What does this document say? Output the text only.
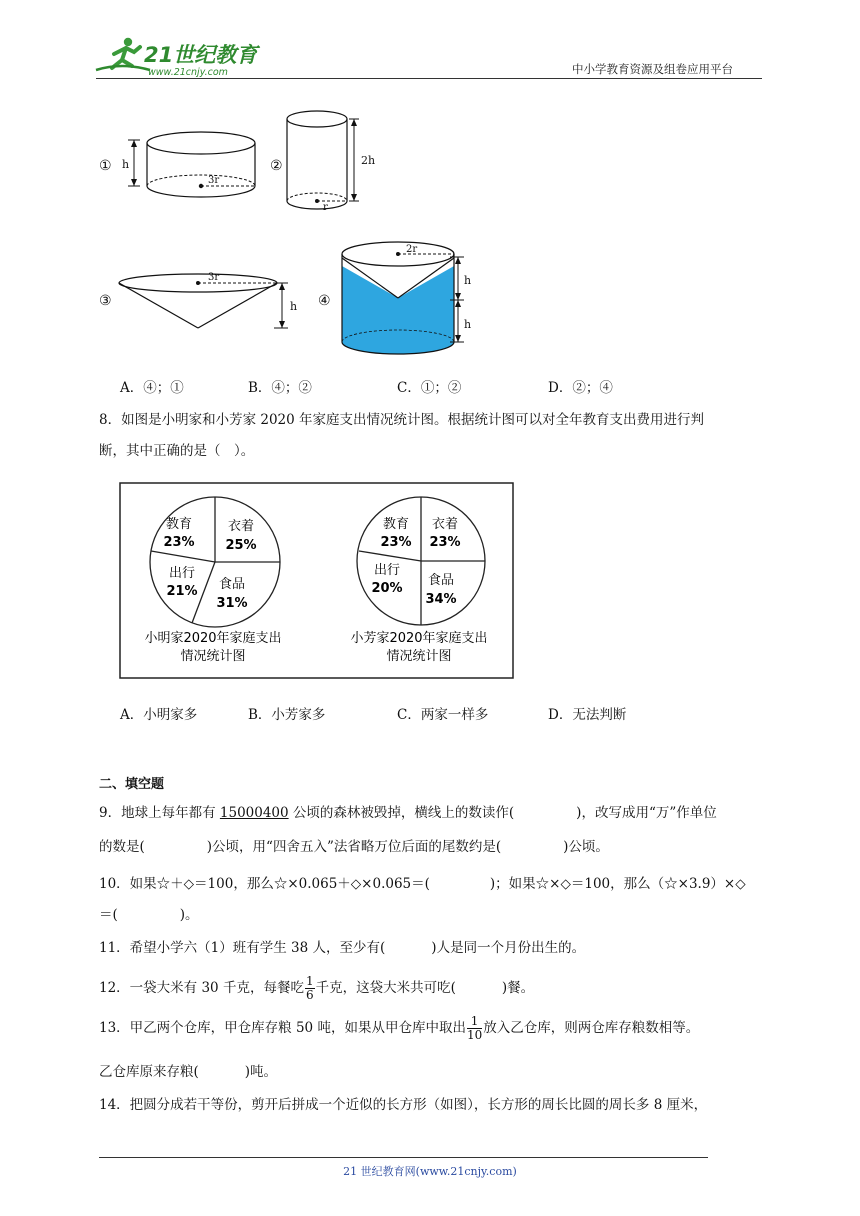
21世纪教育
www.21cnjy.com	中小学教育资源及组卷应用平台
① h
3r
②
r
2h
③
3r
h ④
2r
h
h
A．④；①	B．④；②	C．①；②	D．②；④
8．如图是小明家和小芳家 2020 年家庭支出情况统计图。根据统计图可以对全年教育支出费用进行判
断，其中正确的是（　）。
教育
23%
衣着
25%
食品
31%
出行
21%
小明家2020年家庭支出
情况统计图
教育
23%
衣着
23%
食品
34%
出行
20%
小芳家2020年家庭支出
情况统计图
A．小明家多	B．小芳家多	C．两家一样多	D．无法判断
二、填空题
9．地球上每年都有 15000400 公顷的森林被毁掉，横线上的数读作(	)，改写成用“万”作单位
的数是(	)公顷，用“四舍五入”法省略万位后面的尾数约是(	)公顷。
10．如果☆＋◇＝100，那么☆×0.065＋◇×0.065＝(	)；如果☆×◇＝100，那么（☆×3.9）×◇
＝(	)。
11．希望小学六（1）班有学生 38 人，至少有(	)人是同一个月份出生的。
12．一袋大米有 30 千克，每餐吃 $\frac{1}{6}$ 千克，这袋大米共可吃(	)餐。
13．甲乙两个仓库，甲仓库存粮 50 吨，如果从甲仓库中取出 $\frac{1}{10}$ 放入乙仓库，则两仓库存粮数相等。
乙仓库原来存粮(	)吨。
14．把圆分成若干等份，剪开后拼成一个近似的长方形（如图），长方形的周长比圆的周长多 8 厘米，
21 世纪教育网(www.21cnjy.com)
